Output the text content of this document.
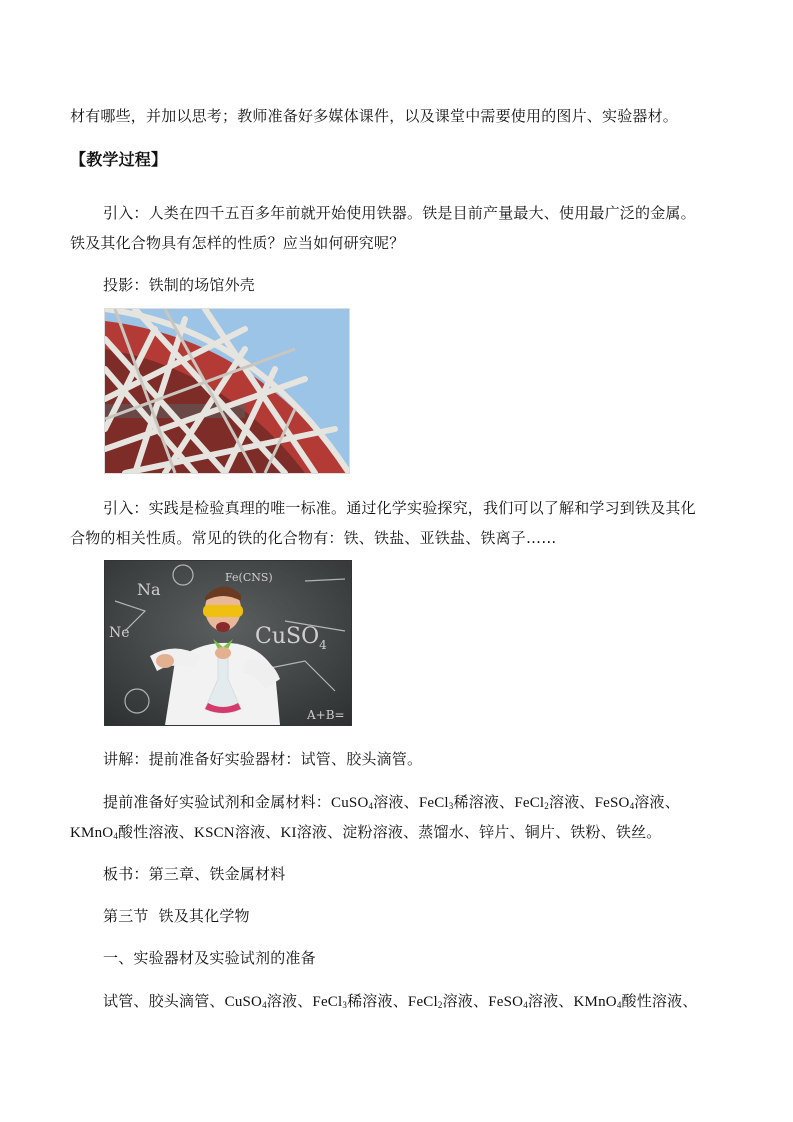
材有哪些，并加以思考；教师准备好多媒体课件，以及课堂中需要使用的图片、实验器材。
【教学过程】
引入：人类在四千五百多年前就开始使用铁器。铁是目前产量最大、使用最广泛的金属。
铁及其化合物具有怎样的性质？应当如何研究呢？
投影：铁制的场馆外壳
引入：实践是检验真理的唯一标准。通过化学实验探究，我们可以了解和学习到铁及其化
合物的相关性质。常见的铁的化合物有：铁、铁盐、亚铁盐、铁离子……
Na
Ne	CuSO$_4$
Fe(CNS)
A+B=
讲解：提前准备好实验器材：试管、胶头滴管。
提前准备好实验试剂和金属材料：CuSO$_4$溶液、FeCl$_3$稀溶液、FeCl$_2$溶液、FeSO$_4$溶液、
KMnO$_4$酸性溶液、KSCN溶液、KI溶液、淀粉溶液、蒸馏水、锌片、铜片、铁粉、铁丝。
板书：第三章、铁金属材料
第三节  铁及其化学物
一、实验器材及实验试剂的准备
试管、胶头滴管、CuSO$_4$溶液、FeCl$_3$稀溶液、FeCl$_2$溶液、FeSO$_4$溶液、KMnO$_4$酸性溶液、
